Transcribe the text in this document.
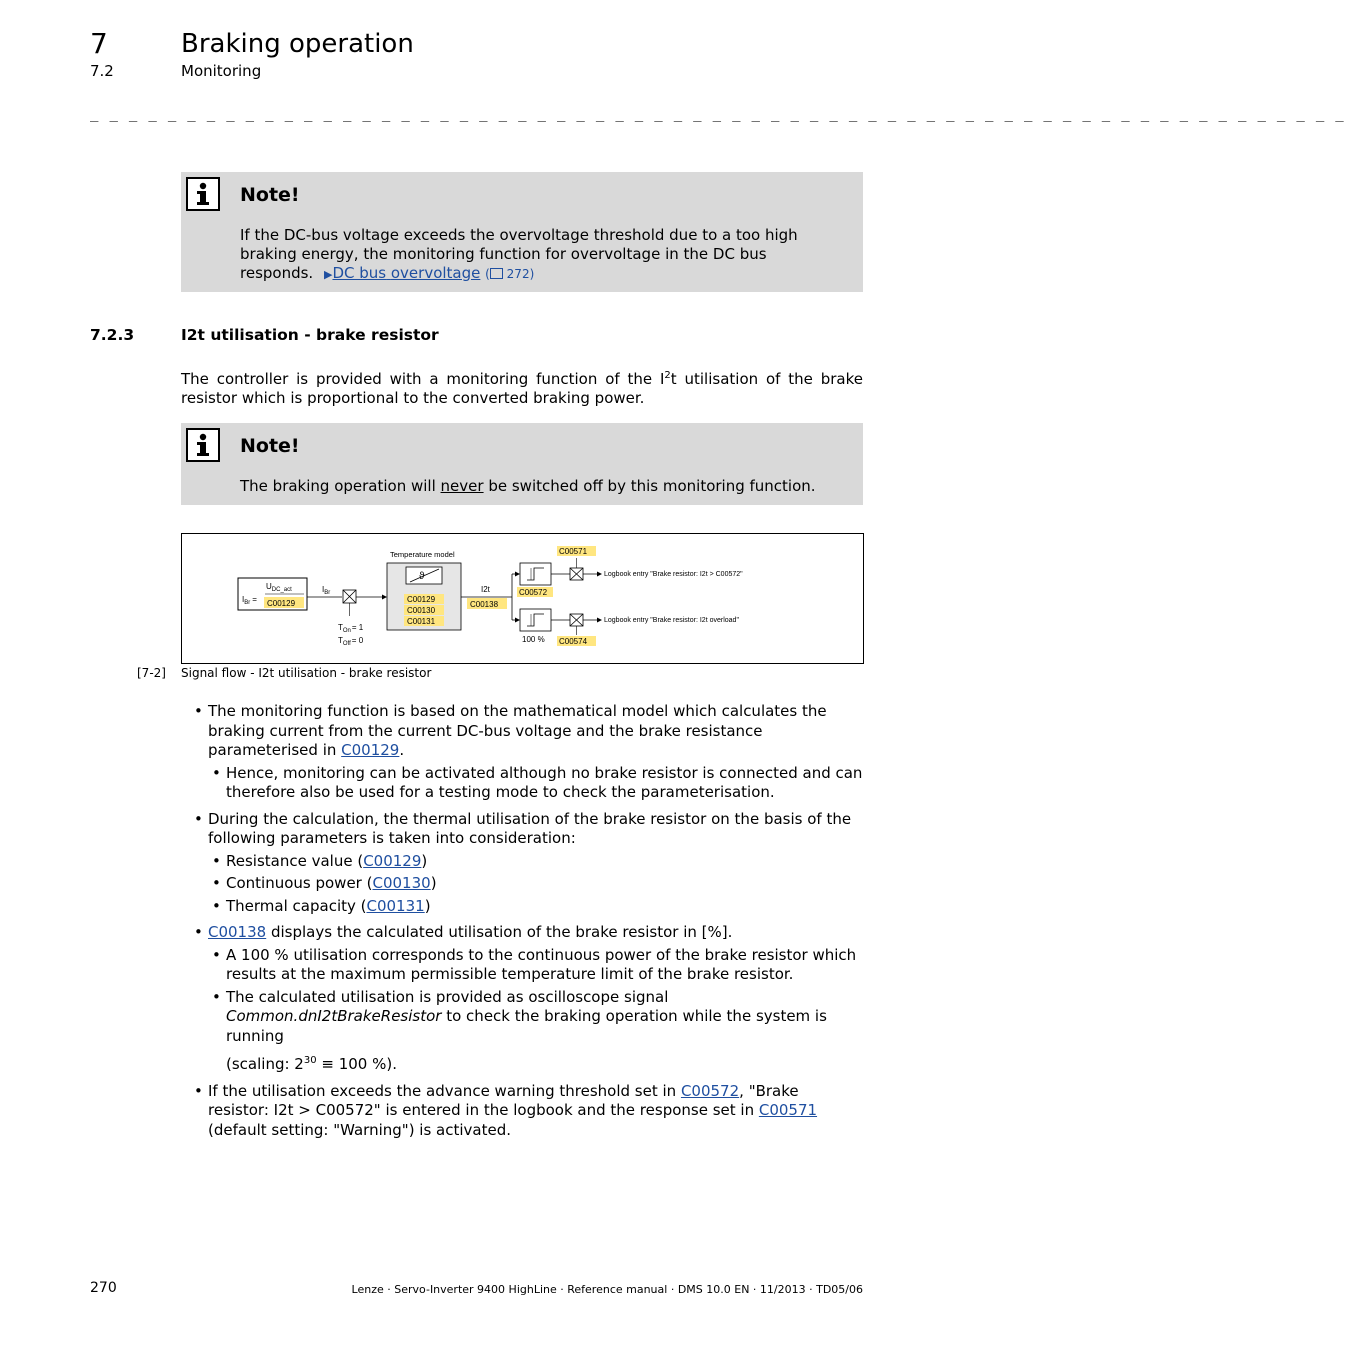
7	Braking operation
7.2	Monitoring
_ _ _ _ _ _ _ _ _ _ _ _ _ _ _ _ _ _ _ _ _ _ _ _ _ _ _ _ _ _ _ _ _ _ _ _ _ _ _ _ _ _ _ _ _ _ _ _ _ _ _ _ _ _ _ _ _ _ _ _ _ _ _ _ _
Note!
If the DC-bus voltage exceeds the overvoltage threshold due to a too high braking energy, the monitoring function for overvoltage in the DC bus responds. ▶DC bus overvoltage ( 272)
7.2.3	I2t utilisation - brake resistor
The controller is provided with a monitoring function of the $I^2t$ utilisation of the brake resistor which is proportional to the converted braking power.
Note!
The braking operation will never be switched off by this monitoring function.
$I_{Br}$ =
$U_{DC\_act}$
C00129
$I_{Br}$
$T_{On}= 1$
$T_{Off}= 0$
Temperature model
ϑ
C00129
C00130
C00131
I2t
C00138
C00572
100 %
C00571
Logbook entry "Brake resistor: I2t > C00572"
C00574
Logbook entry "Brake resistor: I2t overload"
[7-2] Signal flow - I2t utilisation - brake resistor
• The monitoring function is based on the mathematical model which calculates the braking current from the current DC-bus voltage and the brake resistance parameterised in C00129.
• Hence, monitoring can be activated although no brake resistor is connected and can therefore also be used for a testing mode to check the parameterisation.
• During the calculation, the thermal utilisation of the brake resistor on the basis of the following parameters is taken into consideration:
• Resistance value (C00129)
• Continuous power (C00130)
• Thermal capacity (C00131)
• C00138 displays the calculated utilisation of the brake resistor in [%].
• A 100 % utilisation corresponds to the continuous power of the brake resistor which results at the maximum permissible temperature limit of the brake resistor.
• The calculated utilisation is provided as oscilloscope signal Common.dnI2tBrakeResistor to check the braking operation while the system is running
(scaling: $2^{30} \equiv 100$ %).
• If the utilisation exceeds the advance warning threshold set in C00572, "Brake resistor: I2t > C00572" is entered in the logbook and the response set in C00571 (default setting: "Warning") is activated.
270	Lenze · Servo-Inverter 9400 HighLine · Reference manual · DMS 10.0 EN · 11/2013 · TD05/06
